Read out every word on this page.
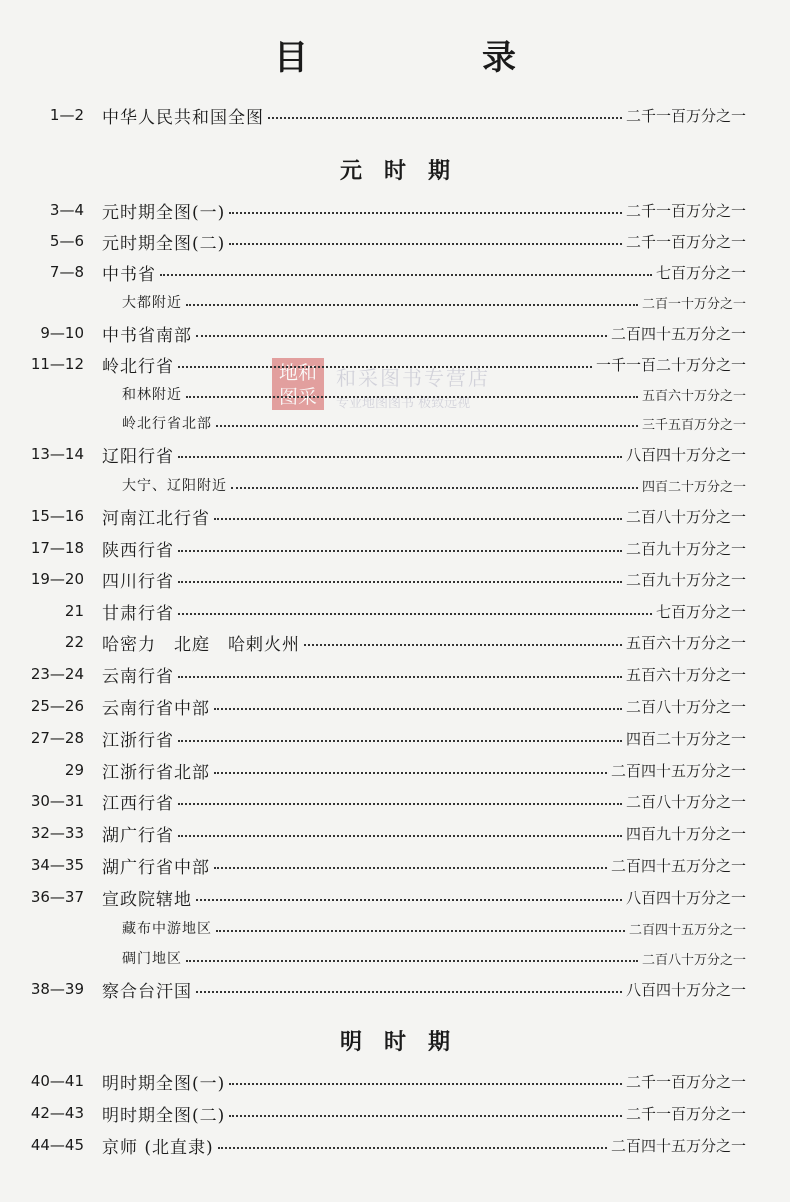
目　录
元时期
明时期
地和图采
和采图书专营店
专业地图图书 极致远视
1—2 中华人民共和国全图	二千一百万分之一
3—4 元时期全图(一)	二千一百万分之一
5—6 元时期全图(二)	二千一百万分之一
7—8 中书省	七百万分之一
大都附近	二百一十万分之一
9—10 中书省南部	二百四十五万分之一
11—12 岭北行省	一千一百二十万分之一
和林附近	五百六十万分之一
岭北行省北部	三千五百万分之一
13—14 辽阳行省	八百四十万分之一
大宁、辽阳附近	四百二十万分之一
15—16 河南江北行省	二百八十万分之一
17—18 陕西行省	二百九十万分之一
19—20 四川行省	二百九十万分之一
21 甘肃行省	七百万分之一
22 哈密力　北庭　哈剌火州	五百六十万分之一
23—24 云南行省	五百六十万分之一
25—26 云南行省中部	二百八十万分之一
27—28 江浙行省	四百二十万分之一
29 江浙行省北部	二百四十五万分之一
30—31 江西行省	二百八十万分之一
32—33 湖广行省	四百九十万分之一
34—35 湖广行省中部	二百四十五万分之一
36—37 宣政院辖地	八百四十万分之一
藏布中游地区	二百四十五万分之一
碉门地区	二百八十万分之一
38—39 察合台汗国	八百四十万分之一
40—41 明时期全图(一)	二千一百万分之一
42—43 明时期全图(二)	二千一百万分之一
44—45 京师 (北直隶)	二百四十五万分之一
